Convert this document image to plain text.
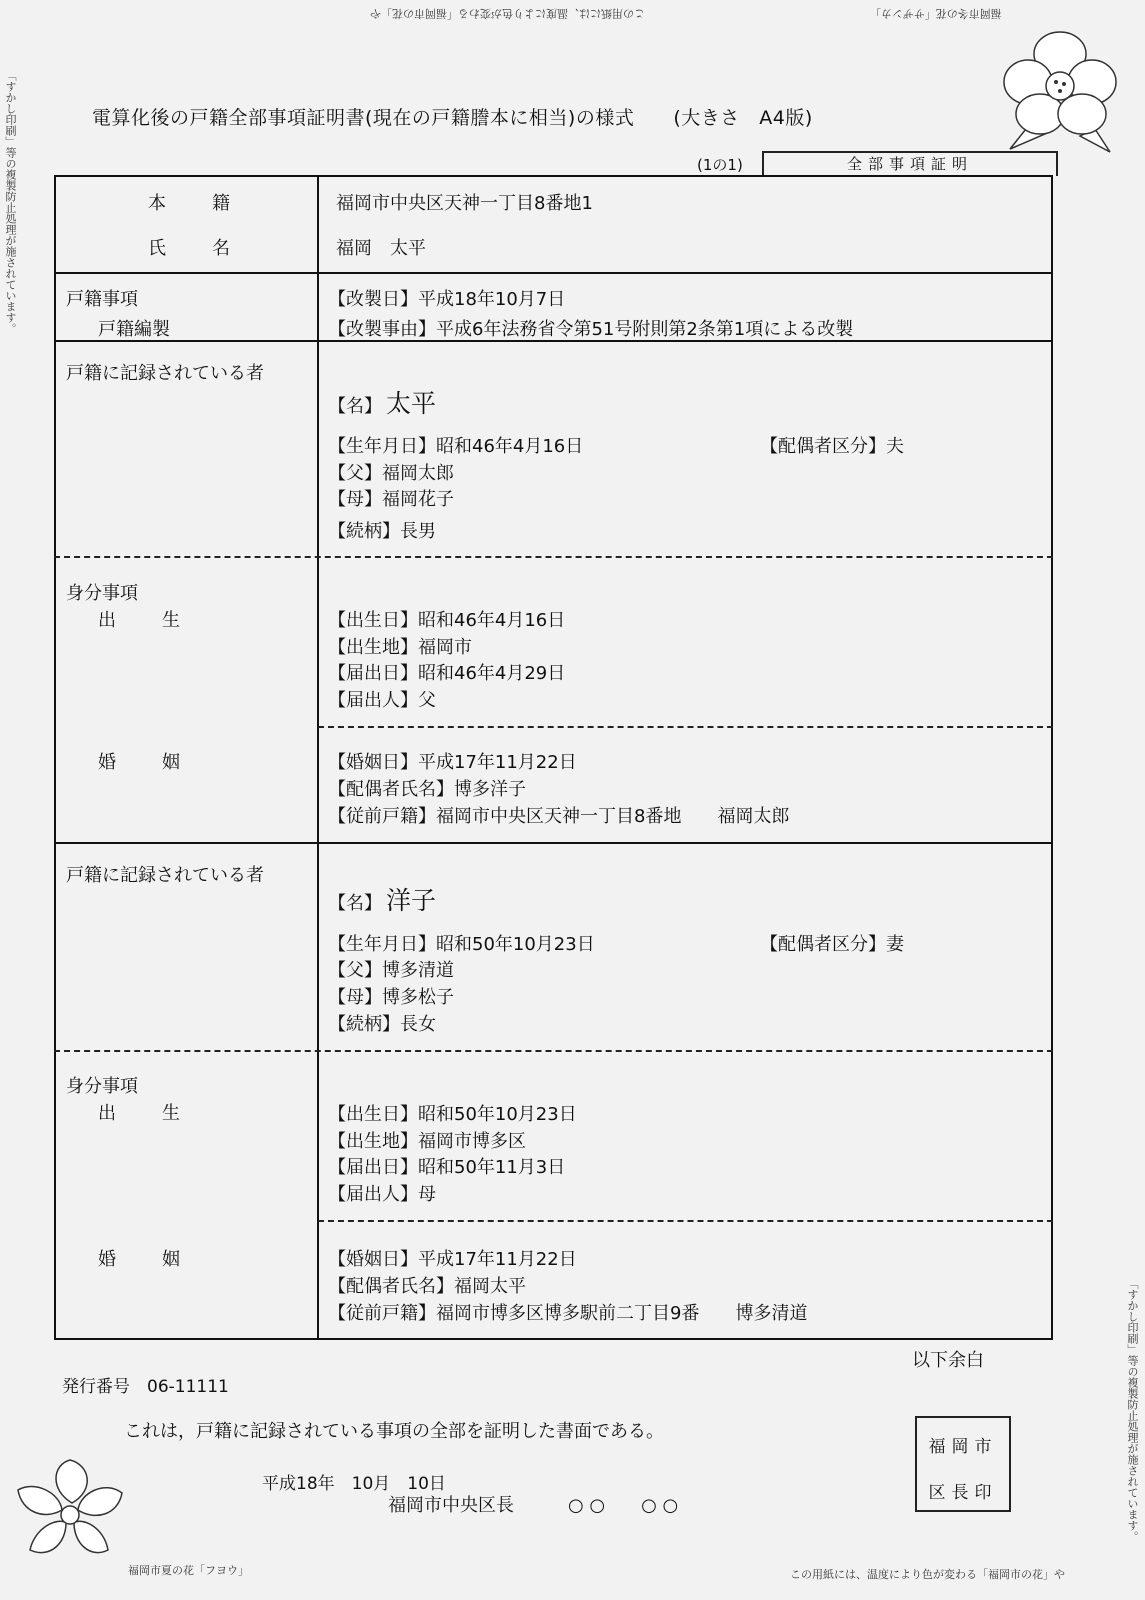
この用紙には、温度により色が変わる「福岡市の花」や	福岡市冬の花「サザンカ」
「すかし印刷」等の複製防止処理が施されています。
「すかし印刷」等の複製防止処理が施されています。
この用紙には、温度により色が変わる「福岡市の花」や
福岡市夏の花「フヨウ」
電算化後の戸籍全部事項証明書(現在の戸籍謄本に相当)の様式　　(大きさ　A4版)
(1の1)	全部事項証明
本籍	福岡市中央区天神一丁目8番地1
氏名	福岡　太平
戸籍事項
戸籍編製
【改製日】平成18年10月7日
【改製事由】平成6年法務省令第51号附則第2条第1項による改製
戸籍に記録されている者
【名】 太平
【生年月日】昭和46年4月16日	【配偶者区分】夫
【父】福岡太郎
【母】福岡花子
【続柄】長男
身分事項
出生	【出生日】昭和46年4月16日
【出生地】福岡市
【届出日】昭和46年4月29日
【届出人】父
婚姻	【婚姻日】平成17年11月22日
【配偶者氏名】博多洋子
【従前戸籍】福岡市中央区天神一丁目8番地　　福岡太郎
戸籍に記録されている者
【名】 洋子
【生年月日】昭和50年10月23日	【配偶者区分】妻
【父】博多清道
【母】博多松子
【続柄】長女
身分事項
出生	【出生日】昭和50年10月23日
【出生地】福岡市博多区
【届出日】昭和50年11月3日
【届出人】母
婚姻	【婚姻日】平成17年11月22日
【配偶者氏名】福岡太平
【従前戸籍】福岡市博多区博多駅前二丁目9番　　博多清道
以下余白
発行番号　06-11111
これは，戸籍に記録されている事項の全部を証明した書面である。
平成18年　10月　10日
福岡市中央区長　　　○ ○　　○ ○
福岡市
区長印
